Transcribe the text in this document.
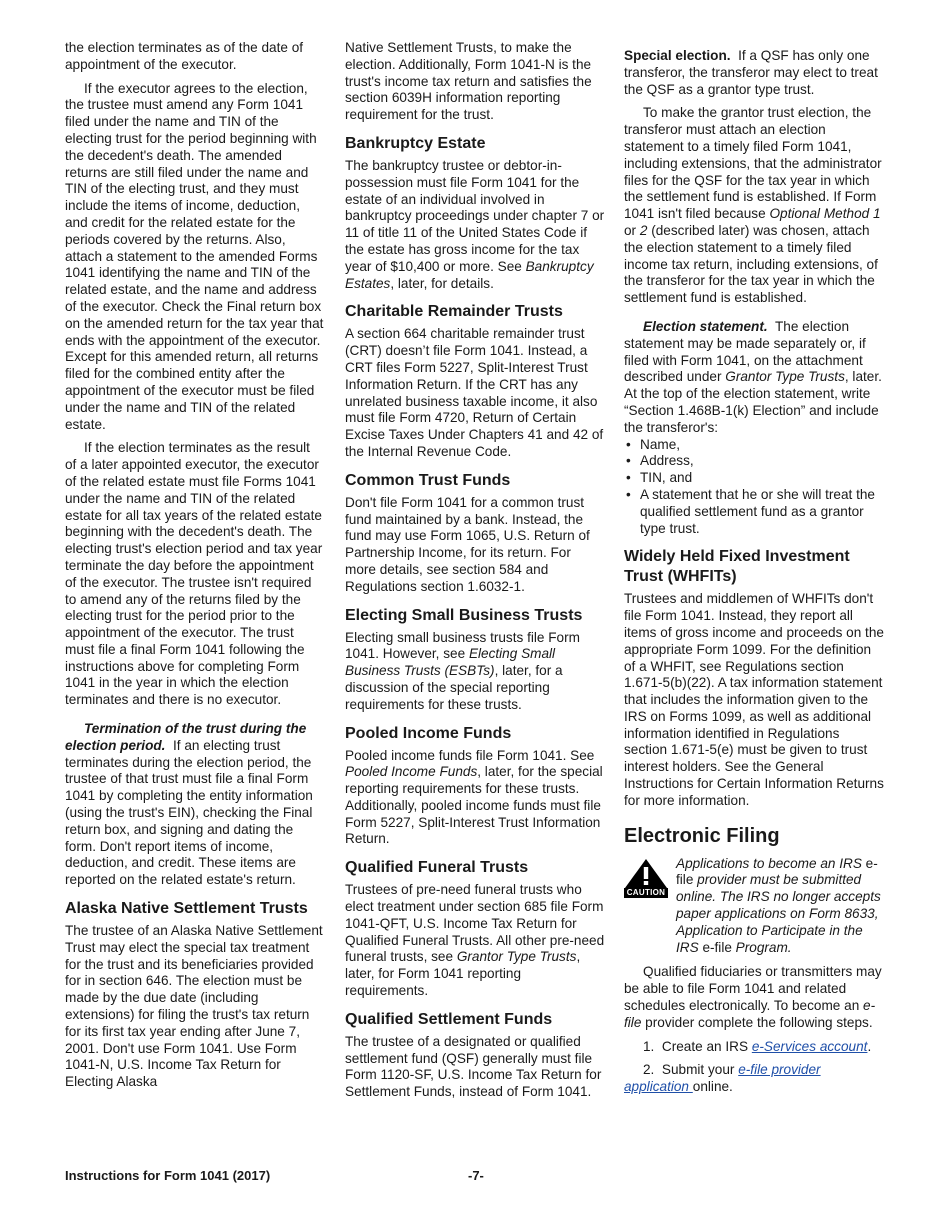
the election terminates as of the date of appointment of the executor.

If the executor agrees to the election, the trustee must amend any Form 1041 filed under the name and TIN of the electing trust for the period beginning with the decedent's death. The amended returns are still filed under the name and TIN of the electing trust, and they must include the items of income, deduction, and credit for the related estate for the periods covered by the returns. Also, attach a statement to the amended Forms 1041 identifying the name and TIN of the related estate, and the name and address of the executor. Check the Final return box on the amended return for the tax year that ends with the appointment of the executor. Except for this amended return, all returns filed for the combined entity after the appointment of the executor must be filed under the name and TIN of the related estate.

If the election terminates as the result of a later appointed executor, the executor of the related estate must file Forms 1041 under the name and TIN of the related estate for all tax years of the related estate beginning with the decedent's death. The electing trust's election period and tax year terminate the day before the appointment of the executor. The trustee isn't required to amend any of the returns filed by the electing trust for the period prior to the appointment of the executor. The trust must file a final Form 1041 following the instructions above for completing Form 1041 in the year in which the election terminates and there is no executor.

Termination of the trust during the election period. If an electing trust terminates during the election period, the trustee of that trust must file a final Form 1041 by completing the entity information (using the trust's EIN), checking the Final return box, and signing and dating the form. Don't report items of income, deduction, and credit. These items are reported on the related estate's return.

Alaska Native Settlement Trusts

The trustee of an Alaska Native Settlement Trust may elect the special tax treatment for the trust and its beneficiaries provided for in section 646. The election must be made by the due date (including extensions) for filing the trust's tax return for its first tax year ending after June 7, 2001. Don't use Form 1041. Use Form 1041-N, U.S. Income Tax Return for Electing Alaska

Native Settlement Trusts, to make the election. Additionally, Form 1041-N is the trust's income tax return and satisfies the section 6039H information reporting requirement for the trust.

Bankruptcy Estate

The bankruptcy trustee or debtor-in-possession must file Form 1041 for the estate of an individual involved in bankruptcy proceedings under chapter 7 or 11 of title 11 of the United States Code if the estate has gross income for the tax year of $10,400 or more. See Bankruptcy Estates, later, for details.

Charitable Remainder Trusts

A section 664 charitable remainder trust (CRT) doesn’t file Form 1041. Instead, a CRT files Form 5227, Split-Interest Trust Information Return. If the CRT has any unrelated business taxable income, it also must file Form 4720, Return of Certain Excise Taxes Under Chapters 41 and 42 of the Internal Revenue Code.

Common Trust Funds

Don't file Form 1041 for a common trust fund maintained by a bank. Instead, the fund may use Form 1065, U.S. Return of Partnership Income, for its return. For more details, see section 584 and Regulations section 1.6032-1.

Electing Small Business Trusts

Electing small business trusts file Form 1041. However, see Electing Small Business Trusts (ESBTs), later, for a discussion of the special reporting requirements for these trusts.

Pooled Income Funds

Pooled income funds file Form 1041. See Pooled Income Funds, later, for the special reporting requirements for these trusts. Additionally, pooled income funds must file Form 5227, Split-Interest Trust Information Return.

Qualified Funeral Trusts

Trustees of pre-need funeral trusts who elect treatment under section 685 file Form 1041-QFT, U.S. Income Tax Return for Qualified Funeral Trusts. All other pre-need funeral trusts, see Grantor Type Trusts, later, for Form 1041 reporting requirements.

Qualified Settlement Funds

The trustee of a designated or qualified settlement fund (QSF) generally must file Form 1120-SF, U.S. Income Tax Return for Settlement Funds, instead of Form 1041.

Special election. If a QSF has only one transferor, the transferor may elect to treat the QSF as a grantor type trust.

To make the grantor trust election, the transferor must attach an election statement to a timely filed Form 1041, including extensions, that the administrator files for the QSF for the tax year in which the settlement fund is established. If Form 1041 isn't filed because Optional Method 1 or 2 (described later) was chosen, attach the election statement to a timely filed income tax return, including extensions, of the transferor for the tax year in which the settlement fund is established.

Election statement. The election statement may be made separately or, if filed with Form 1041, on the attachment described under Grantor Type Trusts, later. At the top of the election statement, write “Section 1.468B-1(k) Election” and include the transferor's:

• Name,
• Address,
• TIN, and
• A statement that he or she will treat the qualified settlement fund as a grantor type trust.
Widely Held Fixed Investment Trust (WHFITs)

Trustees and middlemen of WHFITs don't file Form 1041. Instead, they report all items of gross income and proceeds on the appropriate Form 1099. For the definition of a WHFIT, see Regulations section 1.671-5(b)(22). A tax information statement that includes the information given to the IRS on Forms 1099, as well as additional information identified in Regulations section 1.671-5(e) must be given to trust interest holders. See the General Instructions for Certain Information Returns for more information.

Electronic Filing
CAUTION
Applications to become an IRS e-file provider must be submitted online. The IRS no longer accepts paper applications on Form 8633, Application to Participate in the IRS e-file Program.

Qualified fiduciaries or transmitters may be able to file Form 1041 and related schedules electronically. To become an e-file provider complete the following steps.

1. Create an IRS e-Services account.

2. Submit your e-file provider application online.

Instructions for Form 1041 (2017)	-7-
